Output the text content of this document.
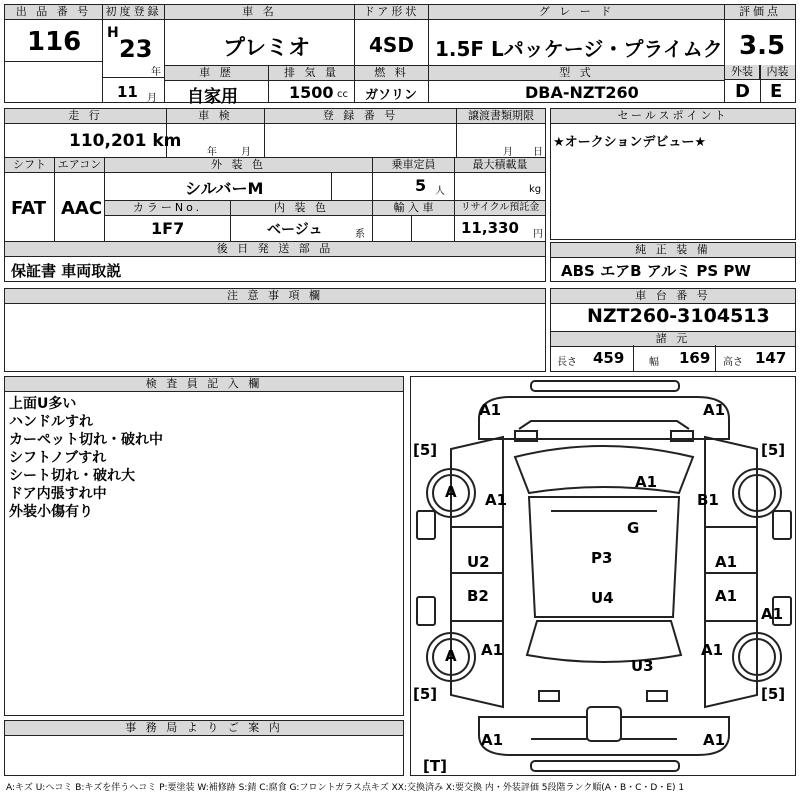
出 品 番 号
116
初度登録
H
23
年
11 月
車 名
プレミオ
ドア形状
4SD
グ レ ー ド
1.5F Lパッケージ・プライムク
評価点
3.5
外装	内装
D E
車 歴
自家用
排 気 量
1500 cc
燃 料
ガソリン
型 式
DBA-NZT260
走 行
110,201 km
車 検
年 月
登 録 番 号	譲渡書類期限
月 日
シフト
FAT
エアコン
AAC
外 装 色
シルバーM
乗車定員
5 人
最大積載量
kg
カラーNo.
1F7
内 装 色
ベージュ	系
輸 入 車	リサイクル預託金
11,330 円
後 日 発 送 部 品
保証書 車両取説
セールスポイント
★オークションデビュー★
純 正 装 備
ABS エアB アルミ PS PW
注 意 事 項 欄	車 台 番 号
NZT260-3104513
諸 元
長さ 459 幅 169 高さ 147
検 査 員 記 入 欄
上面U多い
ハンドルすれ
カーペット切れ・破れ中
シフトノブすれ
シート切れ・破れ大
ドア内張すれ中
外装小傷有り
事 務 局 よ り ご 案 内
A1	A1
A1
A1
B1
G
U2	A1
P3
B2	U4	A1
A1
A1
U3
A1
A1	A1
A
A
[5]	[5]
[5]	[5]
[T]
A:キズ U:ヘコミ B:キズを伴うヘコミ P:要塗装 W:補修跡 S:錆 C:腐食 G:フロントガラス点キズ XX:交換済み X:要交換 内・外装評価 5段階ランク順(A・B・C・D・E) 1
